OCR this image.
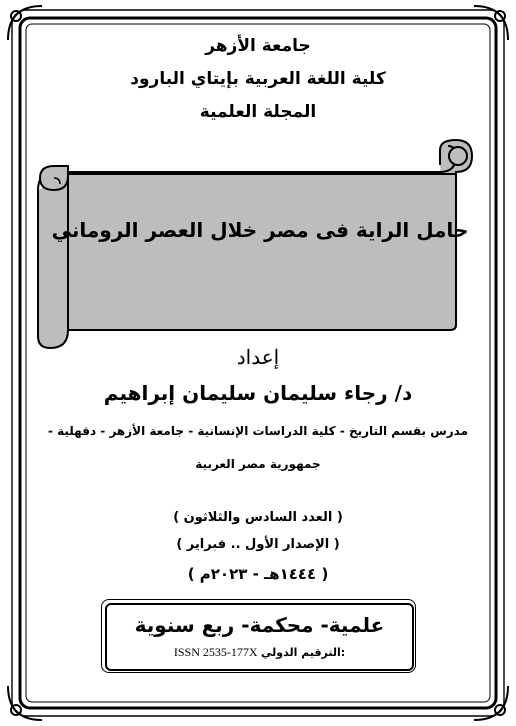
جامعة الأزهر
كلية اللغة العربية بإيتاي البارود
المجلة العلمية
حامل الراية فى مصر خلال العصر الروماني
إعداد
د/ رجاء سليمان سليمان إبراهيم
مدرس بقسم التاريخ - كلية الدراسات الإنسانية - جامعة الأزهر - دقهلية -
جمهورية مصر العربية
( العدد السادس والثلاثون )
( الإصدار الأول .. فبراير )
( ١٤٤٤هـ - ٢٠٢٣م )
علمية- محكمة- ربع سنوية
ISSN 2535-177X الترقيم الدولي:
